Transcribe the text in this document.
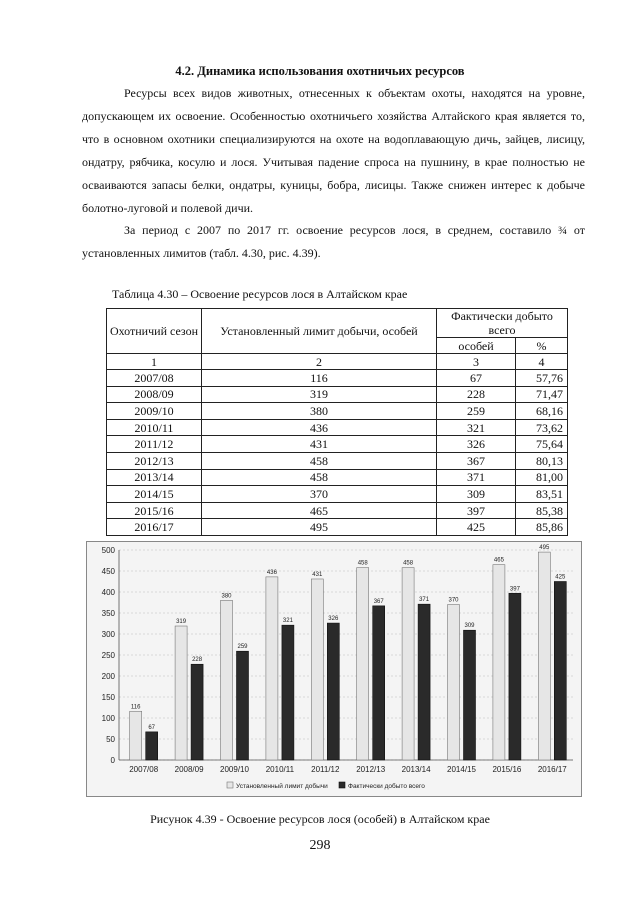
4.2. Динамика использования охотничьих ресурсов

Ресурсы всех видов животных, отнесенных к объектам охоты, находятся на уровне, допускающем их освоение. Особенностью охотничьего хозяйства Алтайского края является то, что в основном охотники специализируются на охоте на водоплавающую дичь, зайцев, лисицу, ондатру, рябчика, косулю и лося. Учитывая падение спроса на пушнину, в крае полностью не осваиваются запасы белки, ондатры, куницы, бобра, лисицы. Также снижен интерес к добыче болотно-луговой и полевой дичи.

За период с 2007 по 2017 гг. освоение ресурсов лося, в среднем, составило ¾ от установленных лимитов (табл. 4.30, рис. 4.39).

Таблица 4.30 – Освоение ресурсов лося в Алтайском крае
Охотничий сезон	Установленный лимит добычи, особей	Фактически добыто всего	
		особей	%
1	2	3	4
2007/08	116	67	57,76
2008/09	319	228	71,47
2009/10	380	259	68,16
2010/11	436	321	73,62
2011/12	431	326	75,64
2012/13	458	367	80,13
2013/14	458	371	81,00
2014/15	370	309	83,51
2015/16	465	397	85,38
2016/17	495	425	85,86
0
50
100
150
200
250
300
350
400
450
500
116
67
2007/08
319
228
2008/09
380
259
2009/10
436
321
2010/11
431
326
2011/12
458
367
2012/13
458
371
2013/14
370
309
2014/15
465
397
2015/16
495
425
2016/17
Установленный лимит добычи	Фактически добыто всего
Рисунок 4.39 - Освоение ресурсов лося (особей) в Алтайском крае
298
